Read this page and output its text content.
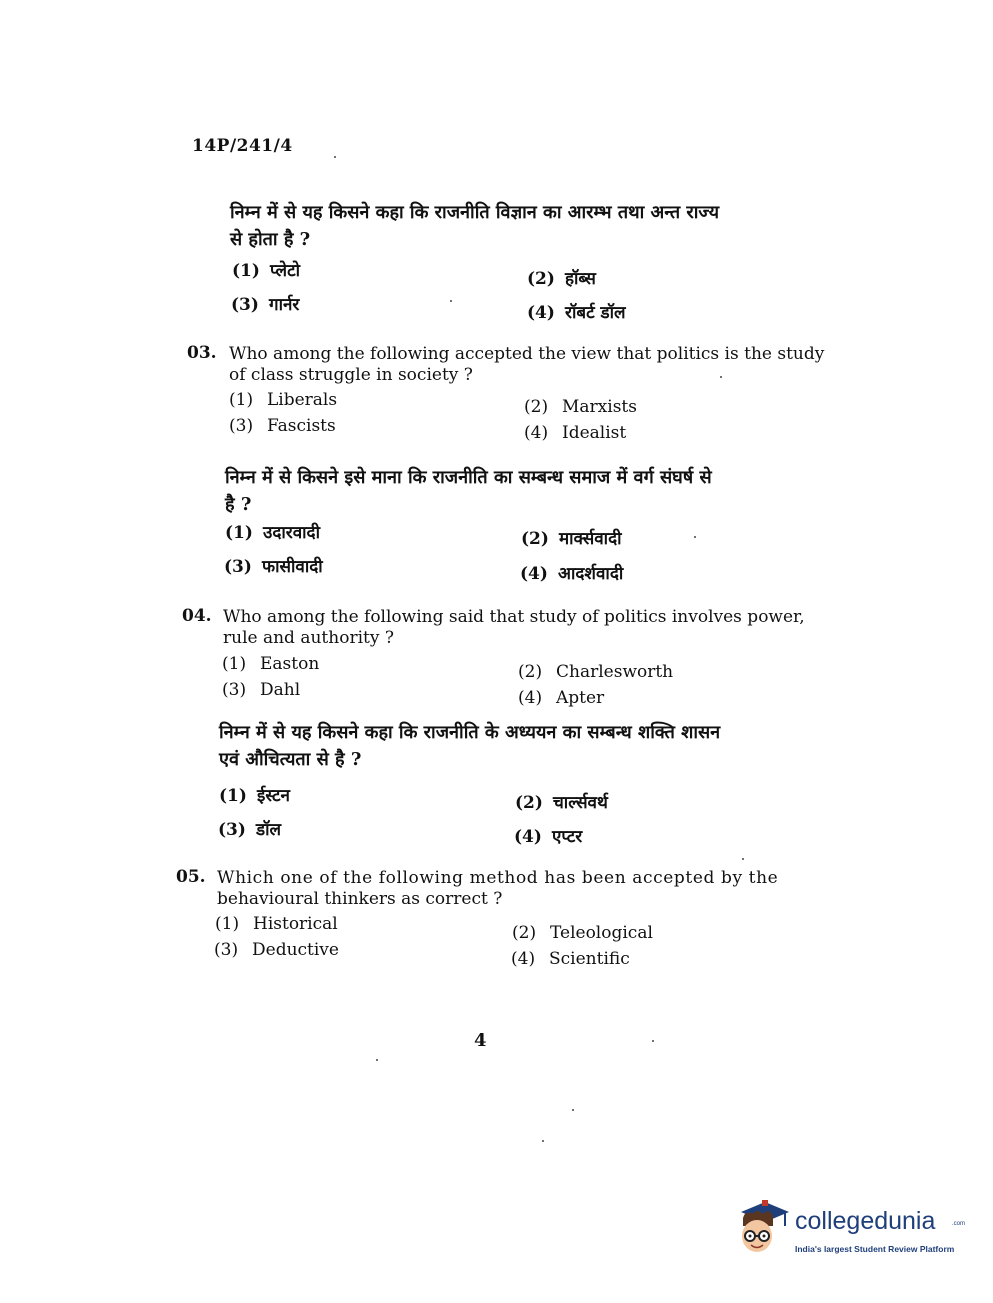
14P/241/4
निम्न में से यह किसने कहा कि राजनीति विज्ञान का आरम्भ तथा अन्त राज्य
से होता है ?
(1) प्लेटो	(2) हॉब्स
(3) गार्नर	(4) रॉबर्ट डॉल
03. Who among the following accepted the view that politics is the study
of class struggle in society ?
(1) Liberals	(2) Marxists
(3) Fascists	(4) Idealist
निम्न में से किसने इसे माना कि राजनीति का सम्बन्ध समाज में वर्ग संघर्ष से
है ?
(1) उदारवादी	(2) मार्क्सवादी
(3) फासीवादी	(4) आदर्शवादी
04. Who among the following said that study of politics involves power,
rule and authority ?
(1) Easton	(2) Charlesworth
(3) Dahl	(4) Apter
निम्न में से यह किसने कहा कि राजनीति के अध्ययन का सम्बन्ध शक्ति शासन
एवं औचित्यता से है ?
(1) ईस्टन	(2) चार्ल्सवर्थ
(3) डॉल	(4) एप्टर
05. Which one of the following method has been accepted by the
behavioural thinkers as correct ?
(1) Historical	(2) Teleological
(3) Deductive	(4) Scientific
4
collegedunia	.com
India's largest Student Review Platform
